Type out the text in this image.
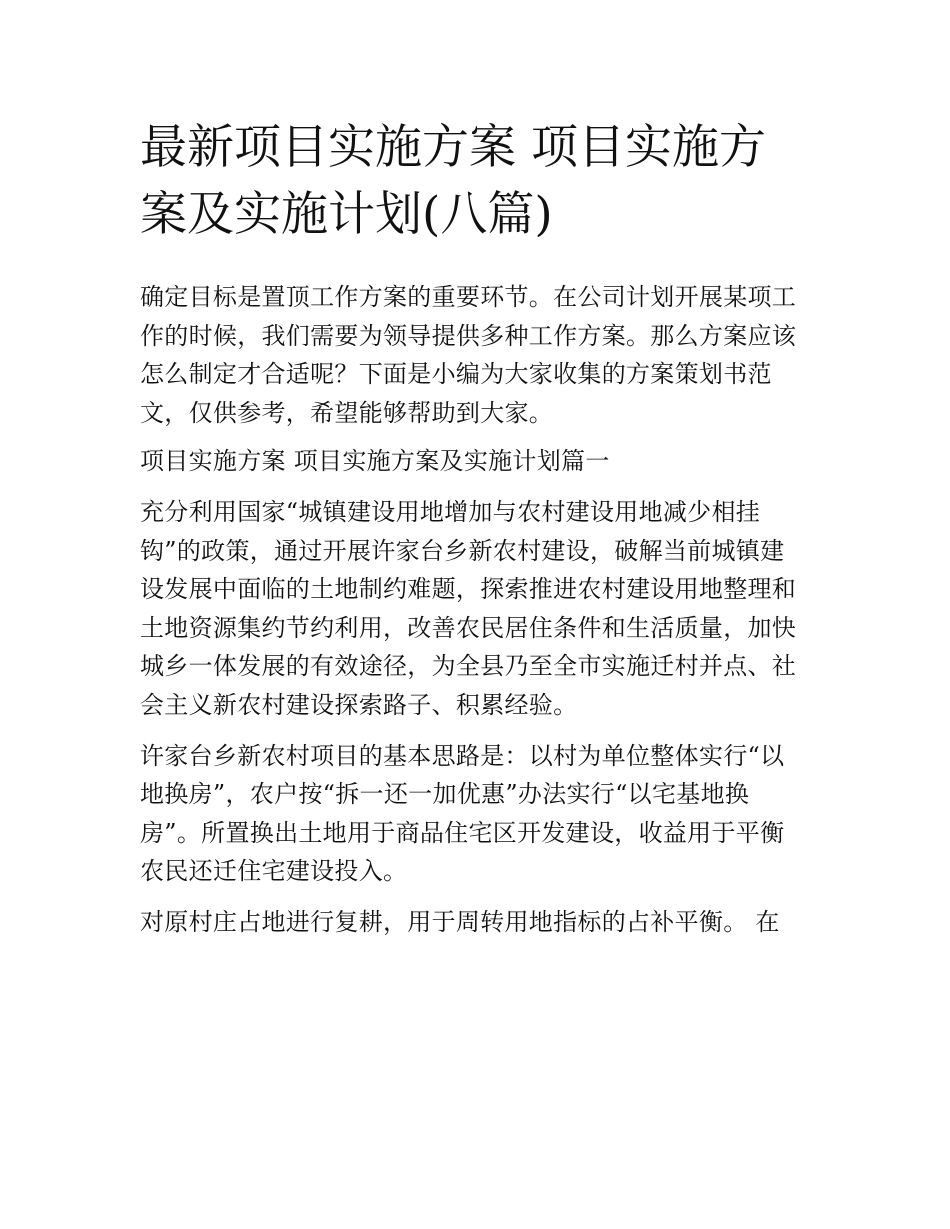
最新项目实施方案 项目实施方
案及实施计划(八篇)

确定目标是置顶工作方案的重要环节。在公司计划开展某项工
作的时候，我们需要为领导提供多种工作方案。那么方案应该
怎么制定才合适呢？下面是小编为大家收集的方案策划书范
文，仅供参考，希望能够帮助到大家。

项目实施方案 项目实施方案及实施计划篇一

充分利用国家“城镇建设用地增加与农村建设用地减少相挂
钩”的政策，通过开展许家台乡新农村建设，破解当前城镇建
设发展中面临的土地制约难题，探索推进农村建设用地整理和
土地资源集约节约利用，改善农民居住条件和生活质量，加快
城乡一体发展的有效途径，为全县乃至全市实施迁村并点、社
会主义新农村建设探索路子、积累经验。

许家台乡新农村项目的基本思路是：以村为单位整体实行“以
地换房”，农户按“拆一还一加优惠”办法实行“以宅基地换
房”。所置换出土地用于商品住宅区开发建设，收益用于平衡
农民还迁住宅建设投入。

对原村庄占地进行复耕，用于周转用地指标的占补平衡。 在
